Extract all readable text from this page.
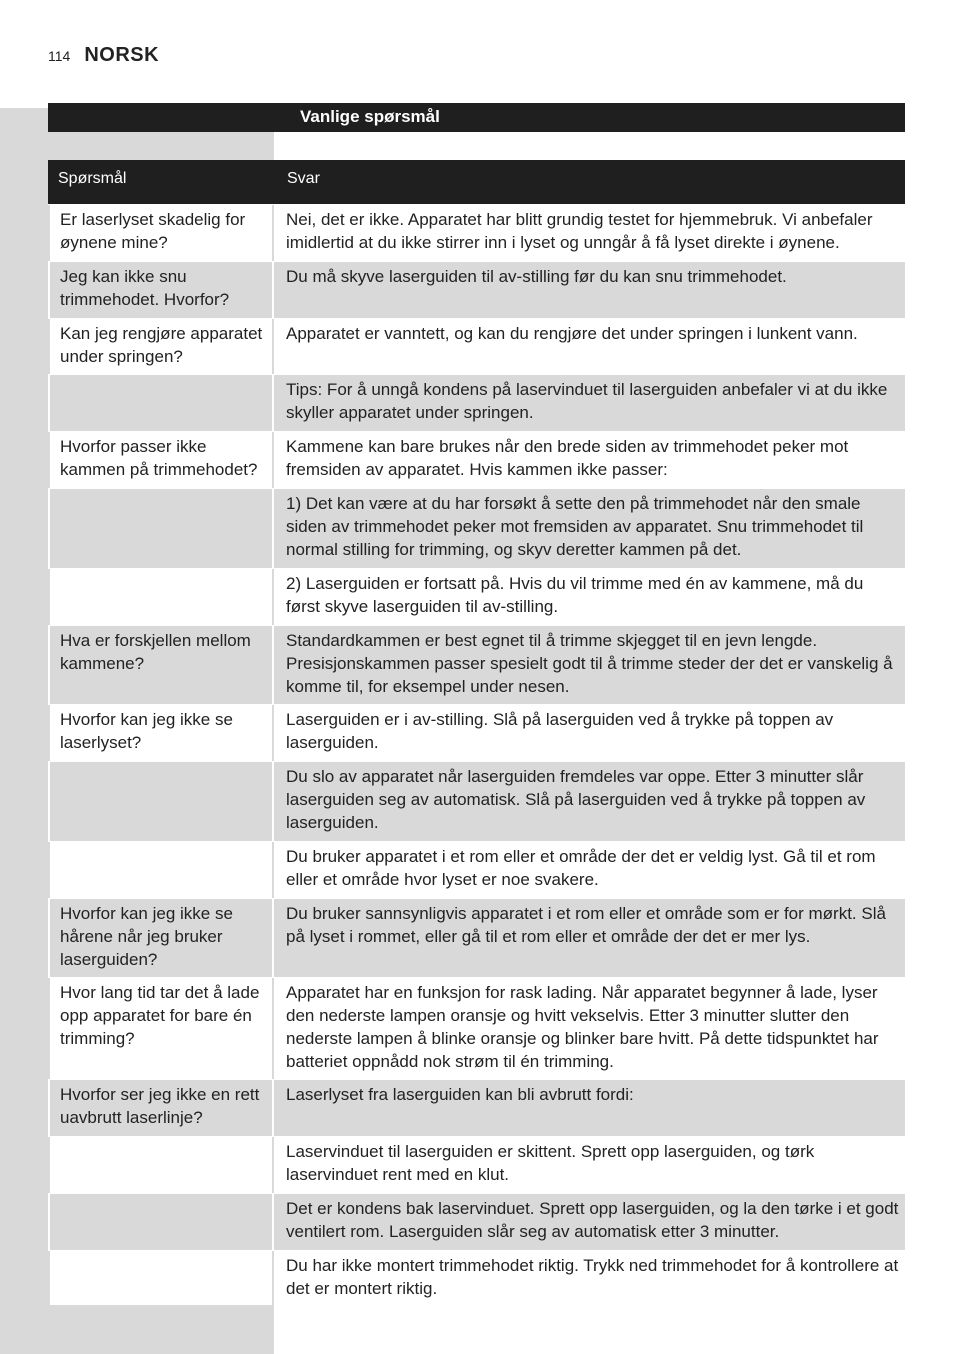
114 NORSK
Vanlige spørsmål
Spørsmål	Svar
Er laserlyset skadelig for øynene mine?
Nei, det er ikke. Apparatet har blitt grundig testet for hjemmebruk. Vi anbefaler imidlertid at du ikke stirrer inn i lyset og unngår å få lyset direkte i øynene.
Jeg kan ikke snu trimmehodet. Hvorfor?
Du må skyve laserguiden til av-stilling før du kan snu trimmehodet.
Kan jeg rengjøre apparatet under springen?
Apparatet er vanntett, og kan du rengjøre det under springen i lunkent vann.
Tips: For å unngå kondens på laservinduet til laserguiden anbefaler vi at du ikke skyller apparatet under springen.
Hvorfor passer ikke kammen på trimmehodet?
Kammene kan bare brukes når den brede siden av trimmehodet peker mot fremsiden av apparatet. Hvis kammen ikke passer:
1) Det kan være at du har forsøkt å sette den på trimmehodet når den smale siden av trimmehodet peker mot fremsiden av apparatet. Snu trimmehodet til normal stilling for trimming, og skyv deretter kammen på det.
2) Laserguiden er fortsatt på. Hvis du vil trimme med én av kammene, må du først skyve laserguiden til av-stilling.
Hva er forskjellen mellom kammene?
Standardkammen er best egnet til å trimme skjegget til en jevn lengde. Presisjonskammen passer spesielt godt til å trimme steder der det er vanskelig å komme til, for eksempel under nesen.
Hvorfor kan jeg ikke se laserlyset?
Laserguiden er i av-stilling. Slå på laserguiden ved å trykke på toppen av laserguiden.
Du slo av apparatet når laserguiden fremdeles var oppe. Etter 3 minutter slår laserguiden seg av automatisk. Slå på laserguiden ved å trykke på toppen av laserguiden.
Du bruker apparatet i et rom eller et område der det er veldig lyst. Gå til et rom eller et område hvor lyset er noe svakere.
Hvorfor kan jeg ikke se hårene når jeg bruker laserguiden?
Du bruker sannsynligvis apparatet i et rom eller et område som er for mørkt. Slå på lyset i rommet, eller gå til et rom eller et område der det er mer lys.
Hvor lang tid tar det å lade opp apparatet for bare én trimming?
Apparatet har en funksjon for rask lading. Når apparatet begynner å lade, lyser den nederste lampen oransje og hvitt vekselvis. Etter 3 minutter slutter den nederste lampen å blinke oransje og blinker bare hvitt. På dette tidspunktet har batteriet oppnådd nok strøm til én trimming.
Hvorfor ser jeg ikke en rett uavbrutt laserlinje?
Laserlyset fra laserguiden kan bli avbrutt fordi:
Laservinduet til laserguiden er skittent. Sprett opp laserguiden, og tørk laservinduet rent med en klut.
Det er kondens bak laservinduet. Sprett opp laserguiden, og la den tørke i et godt ventilert rom. Laserguiden slår seg av automatisk etter 3 minutter.
Du har ikke montert trimmehodet riktig. Trykk ned trimmehodet for å kontrollere at det er montert riktig.
